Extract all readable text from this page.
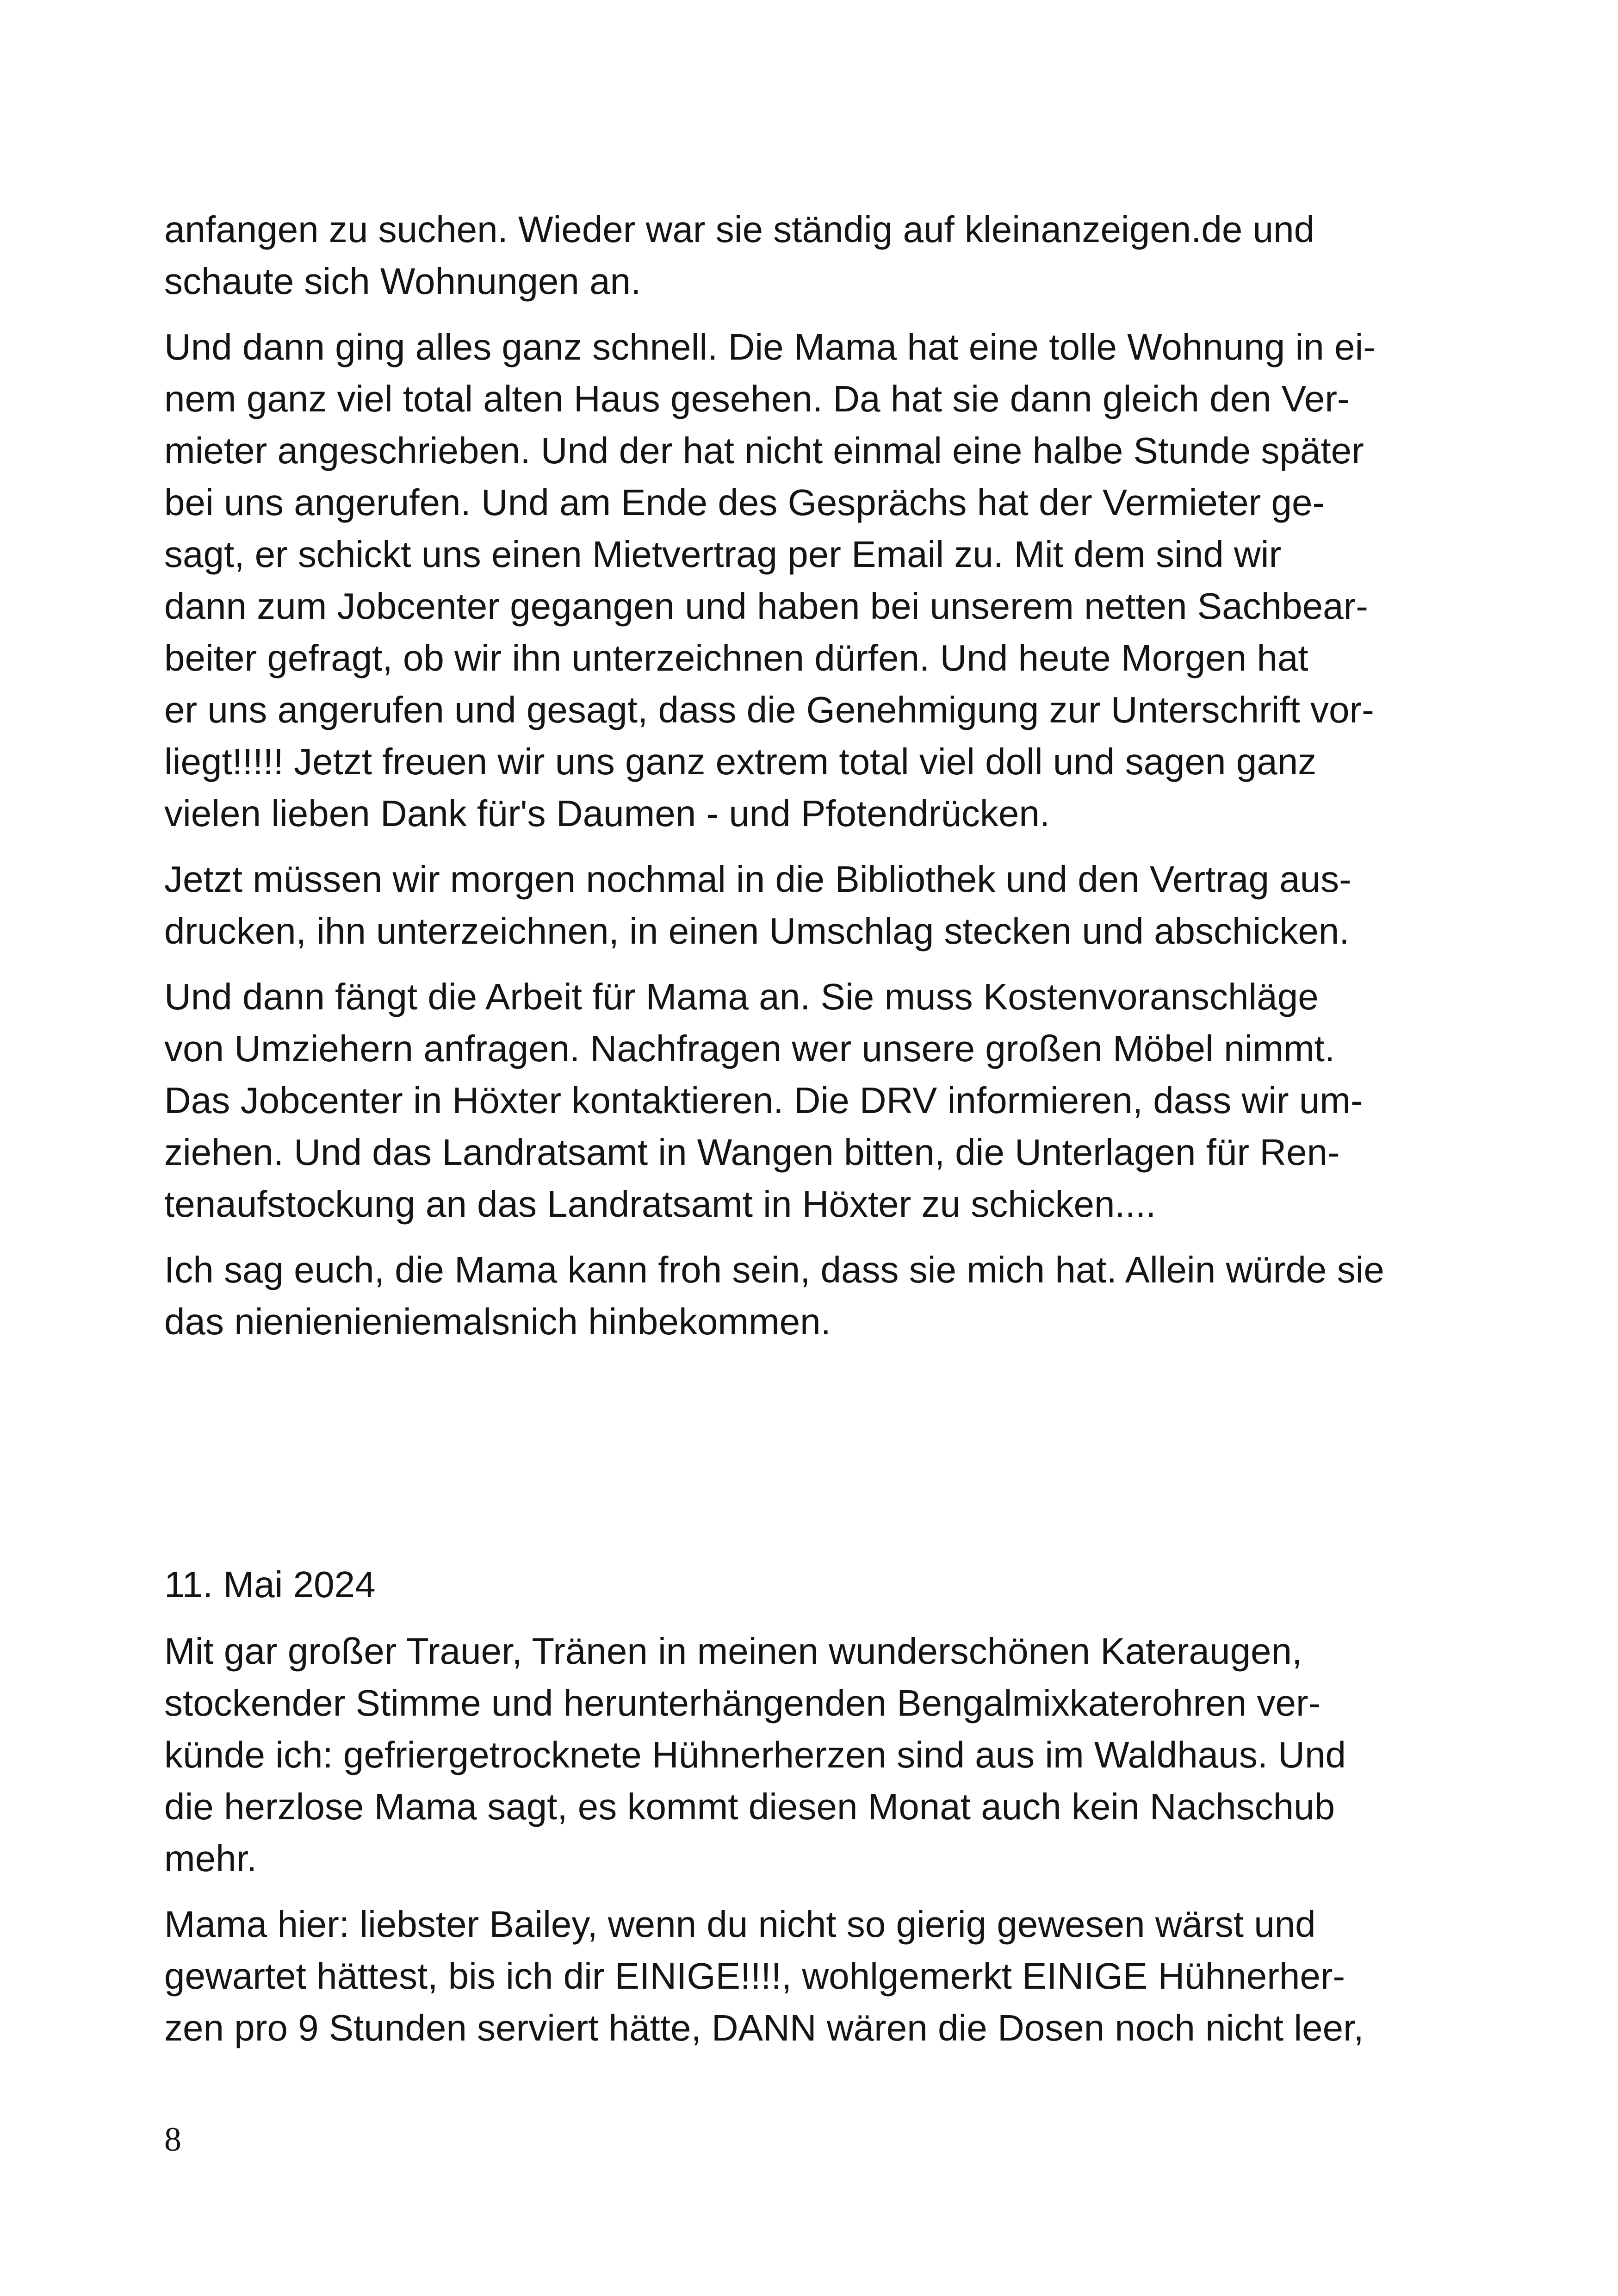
anfangen zu suchen. Wieder war sie ständig auf kleinanzeigen.de und
schaute sich Wohnungen an.

Und dann ging alles ganz schnell. Die Mama hat eine tolle Wohnung in ei-
nem ganz viel total alten Haus gesehen. Da hat sie dann gleich den Ver-
mieter angeschrieben. Und der hat nicht einmal eine halbe Stunde später
bei uns angerufen. Und am Ende des Gesprächs hat der Vermieter ge-
sagt, er schickt uns einen Mietvertrag per Email zu. Mit dem sind wir
dann zum Jobcenter gegangen und haben bei unserem netten Sachbear-
beiter gefragt, ob wir ihn unterzeichnen dürfen. Und heute Morgen hat
er uns angerufen und gesagt, dass die Genehmigung zur Unterschrift vor-
liegt!!!!! Jetzt freuen wir uns ganz extrem total viel doll und sagen ganz
vielen lieben Dank für's Daumen - und Pfotendrücken.

Jetzt müssen wir morgen nochmal in die Bibliothek und den Vertrag aus-
drucken, ihn unterzeichnen, in einen Umschlag stecken und abschicken.

Und dann fängt die Arbeit für Mama an. Sie muss Kostenvoranschläge
von Umziehern anfragen. Nachfragen wer unsere großen Möbel nimmt.
Das Jobcenter in Höxter kontaktieren. Die DRV informieren, dass wir um-
ziehen. Und das Landratsamt in Wangen bitten, die Unterlagen für Ren-
tenaufstockung an das Landratsamt in Höxter zu schicken....

Ich sag euch, die Mama kann froh sein, dass sie mich hat. Allein würde sie
das nienienieniemalsnich hinbekommen.

11. Mai 2024

Mit gar großer Trauer, Tränen in meinen wunderschönen Kateraugen,
stockender Stimme und herunterhängenden Bengalmixkaterohren ver-
künde ich: gefriergetrocknete Hühnerherzen sind aus im Waldhaus. Und
die herzlose Mama sagt, es kommt diesen Monat auch kein Nachschub
mehr.

Mama hier: liebster Bailey, wenn du nicht so gierig gewesen wärst und
gewartet hättest, bis ich dir EINIGE!!!!, wohlgemerkt EINIGE Hühnerher-
zen pro 9 Stunden serviert hätte, DANN wären die Dosen noch nicht leer,

8
